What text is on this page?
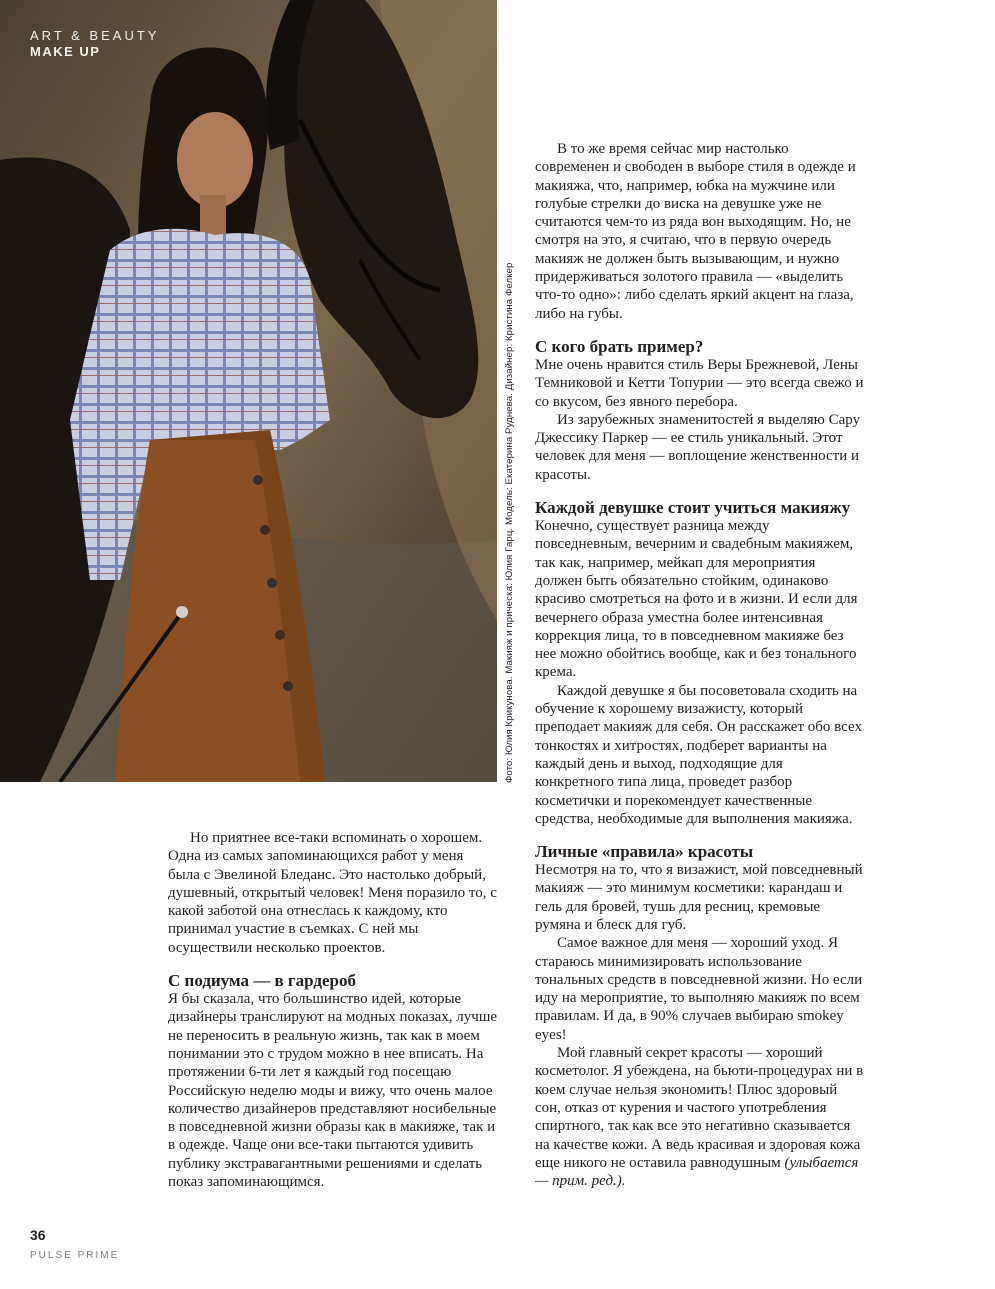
ART & BEAUTY
MAKE UP
Фото: Юлия Крикунова. Макияж и прическа: Юлия Гарц. Модель: Екатерина Руднева. Дизайнер: Кристина Фелкер

В то же время сейчас мир настолько современен и свободен в выборе стиля в одежде и макияжа, что, например, юбка на мужчине или голубые стрелки до виска на девушке уже не считаются чем-то из ряда вон выходящим. Но, не смотря на это, я считаю, что в первую очередь макияж не должен быть вызывающим, и нужно придерживаться золотого правила — «выделить что-то одно»: либо сделать яркий акцент на глаза, либо на губы.

С кого брать пример?

Мне очень нравится стиль Веры Брежневой, Лены Темниковой и Кетти Топурии — это всегда свежо и со вкусом, без явного перебора.

Из зарубежных знаменитостей я выделяю Сару Джессику Паркер — ее стиль уникальный. Этот человек для меня — воплощение женственности и красоты.

Каждой девушке стоит учиться макияжу

Конечно, существует разница между повседневным, вечерним и свадебным макияжем, так как, например, мейкап для мероприятия должен быть обязательно стойким, одинаково красиво смотреться на фото и в жизни. И если для вечернего образа уместна более интенсивная коррекция лица, то в повседневном макияже без нее можно обойтись вообще, как и без тонального крема.

Каждой девушке я бы посоветовала сходить на обучение к хорошему визажисту, который преподает макияж для себя. Он расскажет обо всех тонкостях и хитростях, подберет варианты на каждый день и выход, подходящие для конкретного типа лица, проведет разбор косметички и порекомендует качественные средства, необходимые для выполнения макияжа.

Личные «правила» красоты

Несмотря на то, что я визажист, мой повседневный макияж — это минимум косметики: карандаш и гель для бровей, тушь для ресниц, кремовые румяна и блеск для губ.

Самое важное для меня — хороший уход. Я стараюсь минимизировать использование тональных средств в повседневной жизни. Но если иду на мероприятие, то выполняю макияж по всем правилам. И да, в 90% случаев выбираю smokey eyes!

Мой главный секрет красоты — хороший косметолог. Я убеждена, на бьюти-процедурах ни в коем случае нельзя экономить! Плюс здоровый сон, отказ от курения и частого употребления спиртного, так как все это негативно сказывается на качестве кожи. А ведь красивая и здоровая кожа еще никого не оставила равнодушным (улыбается — прим. ред.).

Но приятнее все-таки вспоминать о хорошем. Одна из самых запоминающихся работ у меня была с Эвелиной Бледанс. Это настолько добрый, душевный, открытый человек! Меня поразило то, с какой заботой она отнеслась к каждому, кто принимал участие в съемках. С ней мы осуществили несколько проектов.

С подиума — в гардероб

Я бы сказала, что большинство идей, которые дизайнеры транслируют на модных показах, лучше не переносить в реальную жизнь, так как в моем понимании это с трудом можно в нее вписать. На протяжении 6-ти лет я каждый год посещаю Российскую неделю моды и вижу, что очень малое количество дизайнеров представляют носибельные в повседневной жизни образы как в макияже, так и в одежде. Чаще они все-таки пытаются удивить публику экстравагантными решениями и сделать показ запоминающимся.

36
PULSE PRIME
